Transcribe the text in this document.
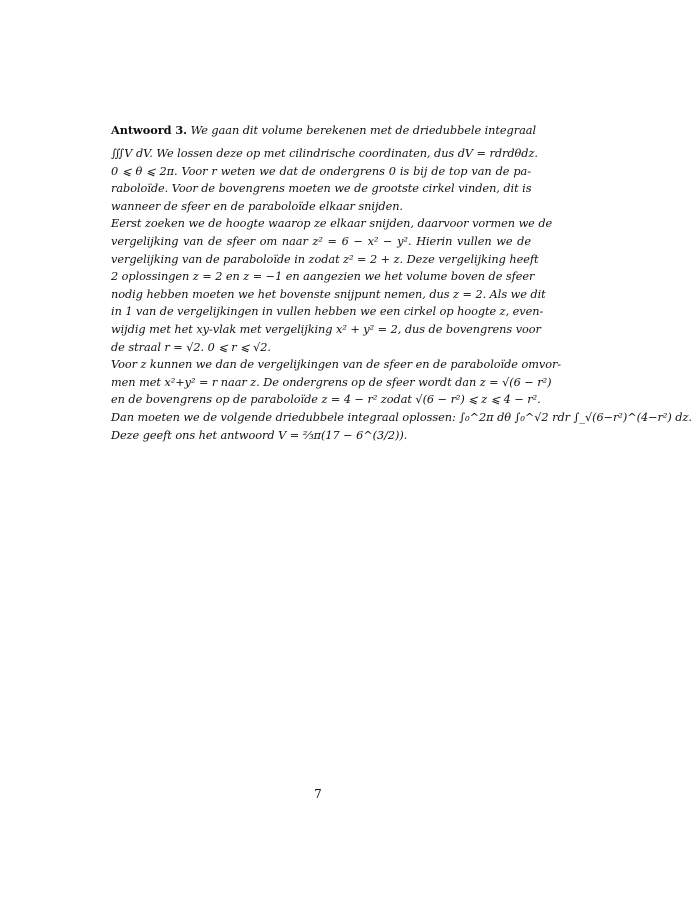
Antwoord 3. We gaan dit volume berekenen met de driedubbele integraal
∭V dV. We lossen deze op met cilindrische coordinaten, dus dV = rdrdθdz.
0 ⩽ θ ⩽ 2π. Voor r weten we dat de ondergrens 0 is bij de top van de pa-
raboloïde. Voor de bovengrens moeten we de grootste cirkel vinden, dit is
wanneer de sfeer en de paraboloïde elkaar snijden.
Eerst zoeken we de hoogte waarop ze elkaar snijden, daarvoor vormen we de
vergelijking van de sfeer om naar z² = 6 − x² − y². Hierin vullen we de
vergelijking van de paraboloïde in zodat z² = 2 + z. Deze vergelijking heeft
2 oplossingen z = 2 en z = −1 en aangezien we het volume boven de sfeer
nodig hebben moeten we het bovenste snijpunt nemen, dus z = 2. Als we dit
in 1 van de vergelijkingen in vullen hebben we een cirkel op hoogte z, even-
wijdig met het xy-vlak met vergelijking x² + y² = 2, dus de bovengrens voor
de straal r = √2. 0 ⩽ r ⩽ √2.
Voor z kunnen we dan de vergelijkingen van de sfeer en de paraboloïde omvor-
men met x²+y² = r naar z. De ondergrens op de sfeer wordt dan z = √(6 − r²)
en de bovengrens op de paraboloïde z = 4 − r² zodat √(6 − r²) ⩽ z ⩽ 4 − r².
Dan moeten we de volgende driedubbele integraal oplossen: ∫₀^2π dθ ∫₀^√2 rdr ∫_√(6−r²)^(4−r²) dz.
Deze geeft ons het antwoord V = ⅔π(17 − 6^(3/2)).
7
